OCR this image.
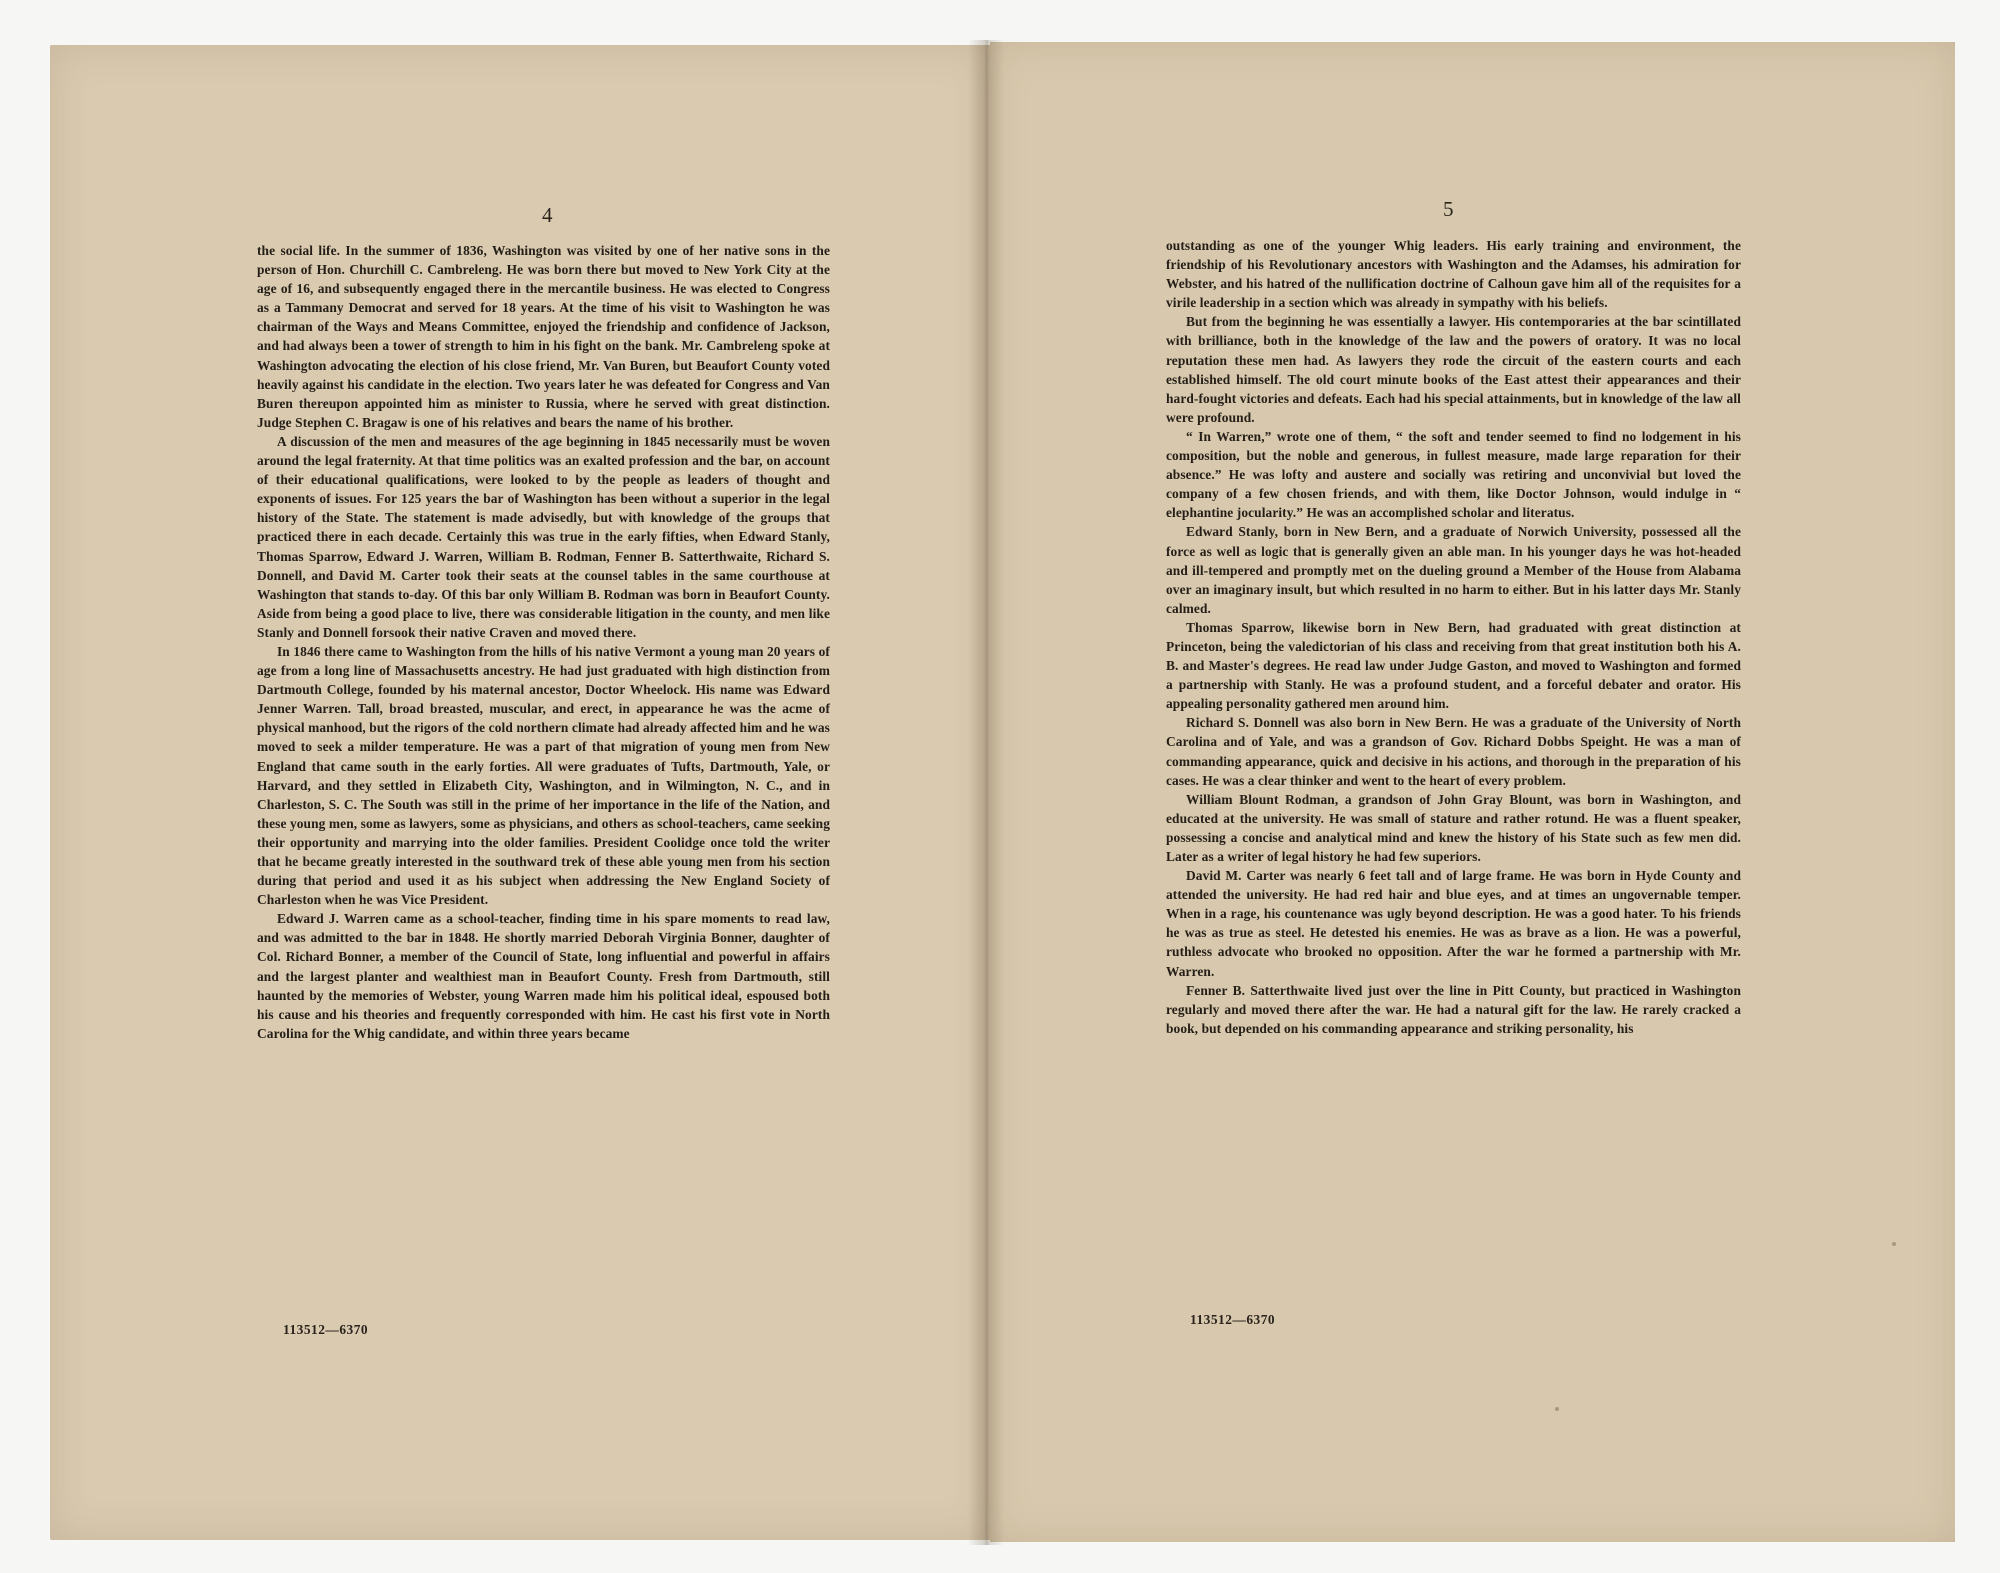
4

the social life. In the summer of 1836, Washington was visited by one of her native sons in the person of Hon. Churchill C. Cambreleng. He was born there but moved to New York City at the age of 16, and subsequently engaged there in the mercantile business. He was elected to Congress as a Tammany Democrat and served for 18 years. At the time of his visit to Washington he was chairman of the Ways and Means Committee, enjoyed the friendship and confidence of Jackson, and had always been a tower of strength to him in his fight on the bank. Mr. Cambreleng spoke at Washington advocating the election of his close friend, Mr. Van Buren, but Beaufort County voted heavily against his candidate in the election. Two years later he was defeated for Congress and Van Buren thereupon appointed him as minister to Russia, where he served with great distinction. Judge Stephen C. Bragaw is one of his relatives and bears the name of his brother.

A discussion of the men and measures of the age beginning in 1845 necessarily must be woven around the legal fraternity. At that time politics was an exalted profession and the bar, on account of their educational qualifications, were looked to by the people as leaders of thought and exponents of issues. For 125 years the bar of Washington has been without a superior in the legal history of the State. The statement is made advisedly, but with knowledge of the groups that practiced there in each decade. Certainly this was true in the early fifties, when Edward Stanly, Thomas Sparrow, Edward J. Warren, William B. Rodman, Fenner B. Satterthwaite, Richard S. Donnell, and David M. Carter took their seats at the counsel tables in the same courthouse at Washington that stands to-day. Of this bar only William B. Rodman was born in Beaufort County. Aside from being a good place to live, there was considerable litigation in the county, and men like Stanly and Donnell forsook their native Craven and moved there.

In 1846 there came to Washington from the hills of his native Vermont a young man 20 years of age from a long line of Massachusetts ancestry. He had just graduated with high distinction from Dartmouth College, founded by his maternal ancestor, Doctor Wheelock. His name was Edward Jenner Warren. Tall, broad breasted, muscular, and erect, in appearance he was the acme of physical manhood, but the rigors of the cold northern climate had already affected him and he was moved to seek a milder temperature. He was a part of that migration of young men from New England that came south in the early forties. All were graduates of Tufts, Dartmouth, Yale, or Harvard, and they settled in Elizabeth City, Washington, and in Wilmington, N. C., and in Charleston, S. C. The South was still in the prime of her importance in the life of the Nation, and these young men, some as lawyers, some as physicians, and others as school-teachers, came seeking their opportunity and marrying into the older families. President Coolidge once told the writer that he became greatly interested in the southward trek of these able young men from his section during that period and used it as his subject when addressing the New England Society of Charleston when he was Vice President.

Edward J. Warren came as a school-teacher, finding time in his spare moments to read law, and was admitted to the bar in 1848. He shortly married Deborah Virginia Bonner, daughter of Col. Richard Bonner, a member of the Council of State, long influential and powerful in affairs and the largest planter and wealthiest man in Beaufort County. Fresh from Dartmouth, still haunted by the memories of Webster, young Warren made him his political ideal, espoused both his cause and his theories and frequently corresponded with him. He cast his first vote in North Carolina for the Whig candidate, and within three years became

113512—6370
5

outstanding as one of the younger Whig leaders. His early training and environment, the friendship of his Revolutionary ancestors with Washington and the Adamses, his admiration for Webster, and his hatred of the nullification doctrine of Calhoun gave him all of the requisites for a virile leadership in a section which was already in sympathy with his beliefs.

But from the beginning he was essentially a lawyer. His contemporaries at the bar scintillated with brilliance, both in the knowledge of the law and the powers of oratory. It was no local reputation these men had. As lawyers they rode the circuit of the eastern courts and each established himself. The old court minute books of the East attest their appearances and their hard-fought victories and defeats. Each had his special attainments, but in knowledge of the law all were profound.

“ In Warren,” wrote one of them, “ the soft and tender seemed to find no lodgement in his composition, but the noble and generous, in fullest measure, made large reparation for their absence.” He was lofty and austere and socially was retiring and unconvivial but loved the company of a few chosen friends, and with them, like Doctor Johnson, would indulge in “ elephantine jocularity.” He was an accomplished scholar and literatus.

Edward Stanly, born in New Bern, and a graduate of Norwich University, possessed all the force as well as logic that is generally given an able man. In his younger days he was hot-headed and ill-tempered and promptly met on the dueling ground a Member of the House from Alabama over an imaginary insult, but which resulted in no harm to either. But in his latter days Mr. Stanly calmed.

Thomas Sparrow, likewise born in New Bern, had graduated with great distinction at Princeton, being the valedictorian of his class and receiving from that great institution both his A. B. and Master's degrees. He read law under Judge Gaston, and moved to Washington and formed a partnership with Stanly. He was a profound student, and a forceful debater and orator. His appealing personality gathered men around him.

Richard S. Donnell was also born in New Bern. He was a graduate of the University of North Carolina and of Yale, and was a grandson of Gov. Richard Dobbs Speight. He was a man of commanding appearance, quick and decisive in his actions, and thorough in the preparation of his cases. He was a clear thinker and went to the heart of every problem.

William Blount Rodman, a grandson of John Gray Blount, was born in Washington, and educated at the university. He was small of stature and rather rotund. He was a fluent speaker, possessing a concise and analytical mind and knew the history of his State such as few men did. Later as a writer of legal history he had few superiors.

David M. Carter was nearly 6 feet tall and of large frame. He was born in Hyde County and attended the university. He had red hair and blue eyes, and at times an ungovernable temper. When in a rage, his countenance was ugly beyond description. He was a good hater. To his friends he was as true as steel. He detested his enemies. He was as brave as a lion. He was a powerful, ruthless advocate who brooked no opposition. After the war he formed a partnership with Mr. Warren.

Fenner B. Satterthwaite lived just over the line in Pitt County, but practiced in Washington regularly and moved there after the war. He had a natural gift for the law. He rarely cracked a book, but depended on his commanding appearance and striking personality, his

113512—6370
